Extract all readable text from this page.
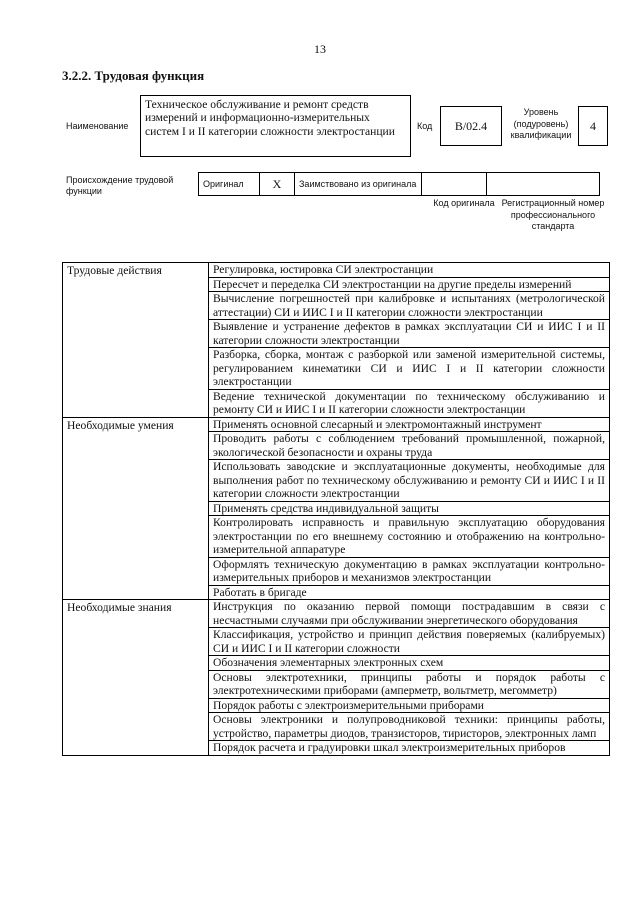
13
3.2.2. Трудовая функция
Наименование
Техническое обслуживание и ремонт средств измерений и информационно-измерительных систем I и II категории сложности электростанции	Код	B/02.4
Уровень (подуровень) квалификации
4
Происхождение трудовой функции
Оригинал	X	Заимствовано из оригинала		
Код оригинала Регистрационный номер профессионального стандарта
Трудовые действия	Регулировка, юстировка СИ электростанции
	Пересчет и переделка СИ электростанции на другие пределы измерений
	Вычисление погрешностей при калибровке и испытаниях (метрологической аттестации) СИ и ИИС I и II категории сложности электростанции
	Выявление и устранение дефектов в рамках эксплуатации СИ и ИИС I и II категории сложности электростанции
	Разборка, сборка, монтаж с разборкой или заменой измерительной системы, регулированием кинематики СИ и ИИС I и II категории сложности электростанции
	Ведение технической документации по техническому обслуживанию и ремонту СИ и ИИС I и II категории сложности электростанции
Необходимые умения	Применять основной слесарный и электромонтажный инструмент
	Проводить работы с соблюдением требований промышленной, пожарной, экологической безопасности и охраны труда
	Использовать заводские и эксплуатационные документы, необходимые для выполнения работ по техническому обслуживанию и ремонту СИ и ИИС I и II категории сложности электростанции
	Применять средства индивидуальной защиты
	Контролировать исправность и правильную эксплуатацию оборудования электростанции по его внешнему состоянию и отображению на контрольно-измерительной аппаратуре
	Оформлять техническую документацию в рамках эксплуатации контрольно-измерительных приборов и механизмов электростанции
	Работать в бригаде
Необходимые знания	Инструкция по оказанию первой помощи пострадавшим в связи с несчастными случаями при обслуживании энергетического оборудования
	Классификация, устройство и принцип действия поверяемых (калибруемых) СИ и ИИС I и II категории сложности
	Обозначения элементарных электронных схем
	Основы электротехники, принципы работы и порядок работы с электротехническими приборами (амперметр, вольтметр, мегомметр)
	Порядок работы с электроизмерительными приборами
	Основы электроники и полупроводниковой техники: принципы работы, устройство, параметры диодов, транзисторов, тиристоров, электронных ламп
	Порядок расчета и градуировки шкал электроизмерительных приборов
